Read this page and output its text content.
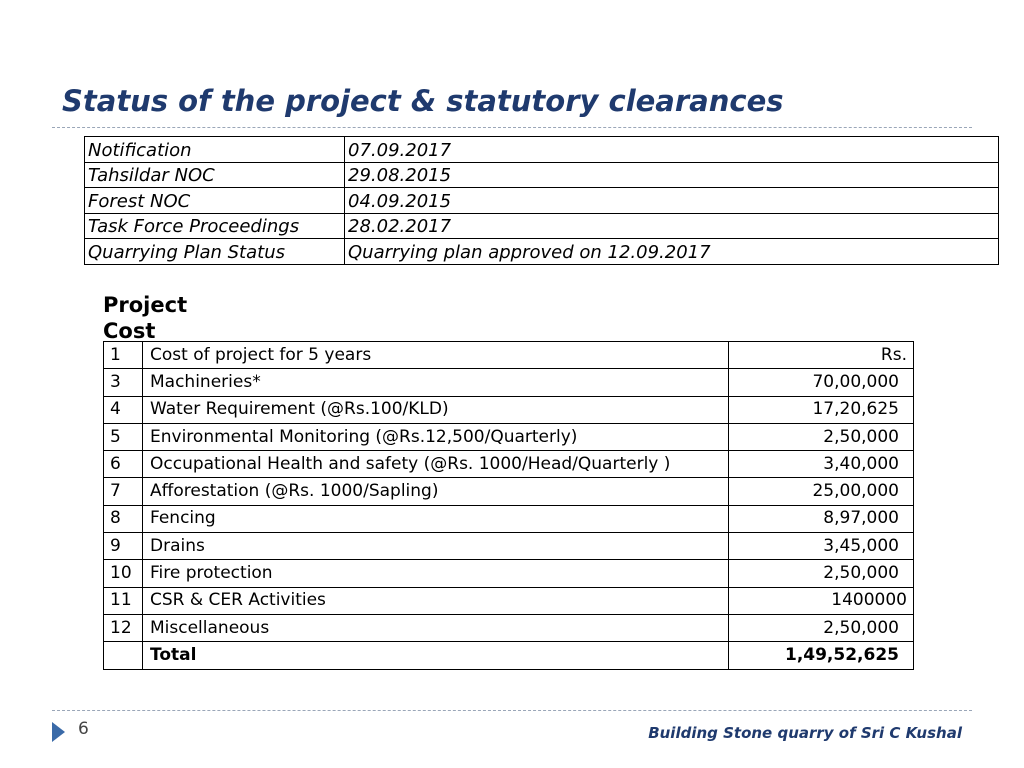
Status of the project & statutory clearances
Notification	07.09.2017
Tahsildar NOC	29.08.2015
Forest NOC	04.09.2015
Task Force Proceedings	28.02.2017
Quarrying Plan Status	Quarrying plan approved on 12.09.2017
Project Cost
1	Cost of project for 5 years	Rs.
3	Machineries*	70,00,000
4	Water Requirement (@Rs.100/KLD)	17,20,625
5	Environmental Monitoring (@Rs.12,500/Quarterly)	2,50,000
6	Occupational Health and safety (@Rs. 1000/Head/Quarterly )	3,40,000
7	Afforestation (@Rs. 1000/Sapling)	25,00,000
8	Fencing	8,97,000
9	Drains	3,45,000
10	Fire protection	2,50,000
11	CSR & CER Activities	1400000
12	Miscellaneous	2,50,000
	Total	1,49,52,625
6	Building Stone quarry of Sri C Kushal
